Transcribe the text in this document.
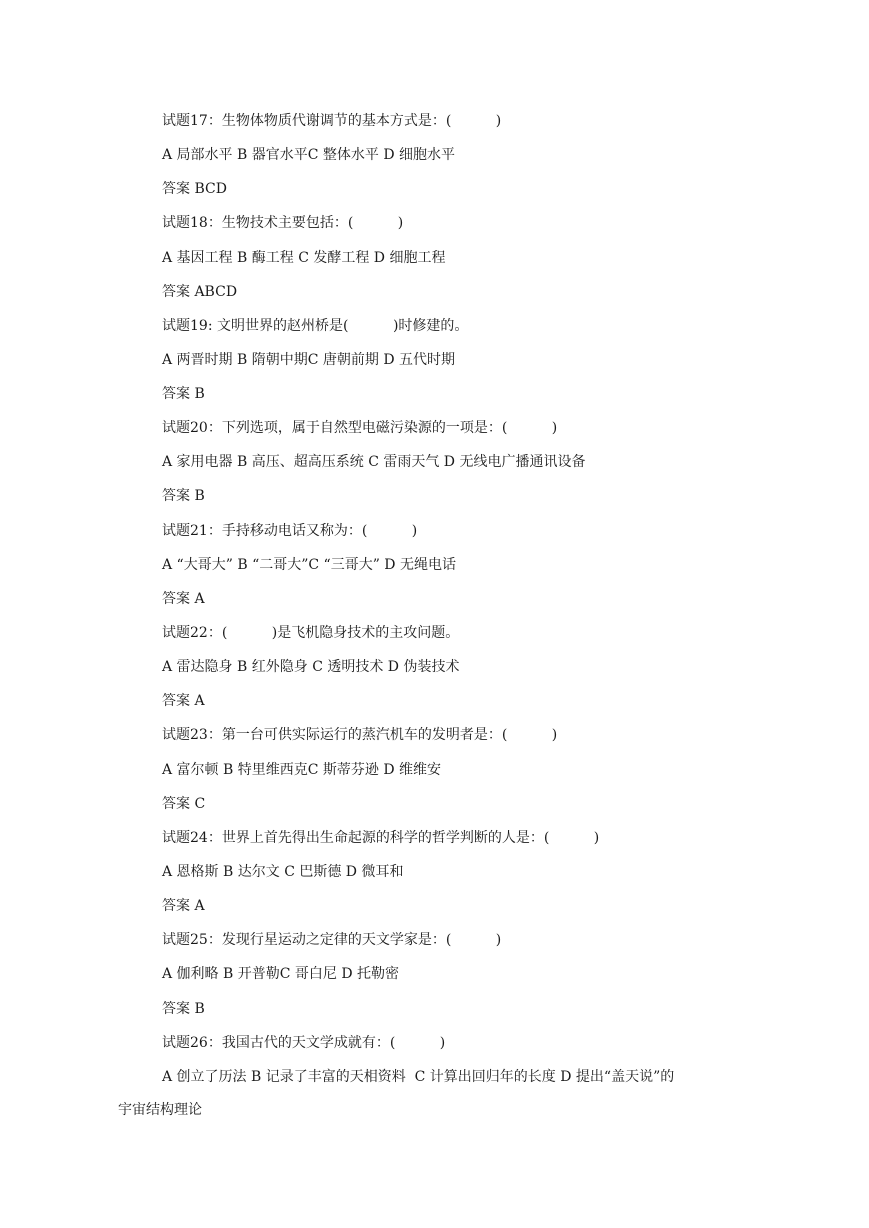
试题17：生物体物质代谢调节的基本方式是：(          )
A 局部水平 B 器官水平C 整体水平 D 细胞水平
答案 BCD
试题18：生物技术主要包括：(          )
A 基因工程 B 酶工程 C 发酵工程 D 细胞工程
答案 ABCD
试题19: 文明世界的赵州桥是(          )时修建的。
A 两晋时期 B 隋朝中期C 唐朝前期 D 五代时期
答案 B
试题20：下列选项，属于自然型电磁污染源的一项是：(          )
A 家用电器 B 高压、超高压系统 C 雷雨天气 D 无线电广播通讯设备
答案 B
试题21：手持移动电话又称为：(          )
A “大哥大” B “二哥大”C “三哥大” D 无绳电话
答案 A
试题22：(          )是飞机隐身技术的主攻问题。
A 雷达隐身 B 红外隐身 C 透明技术 D 伪装技术
答案 A
试题23：第一台可供实际运行的蒸汽机车的发明者是：(          )
A 富尔顿 B 特里维西克C 斯蒂芬逊 D 维维安
答案 C
试题24：世界上首先得出生命起源的科学的哲学判断的人是：(          )
A 恩格斯 B 达尔文 C 巴斯德 D 微耳和
答案 A
试题25：发现行星运动之定律的天文学家是：(          )
A 伽利略 B 开普勒C 哥白尼 D 托勒密
答案 B
试题26：我国古代的天文学成就有：(          )
A 创立了历法 B 记录了丰富的天相资料  C 计算出回归年的长度 D 提出“盖天说”的
宇宙结构理论
